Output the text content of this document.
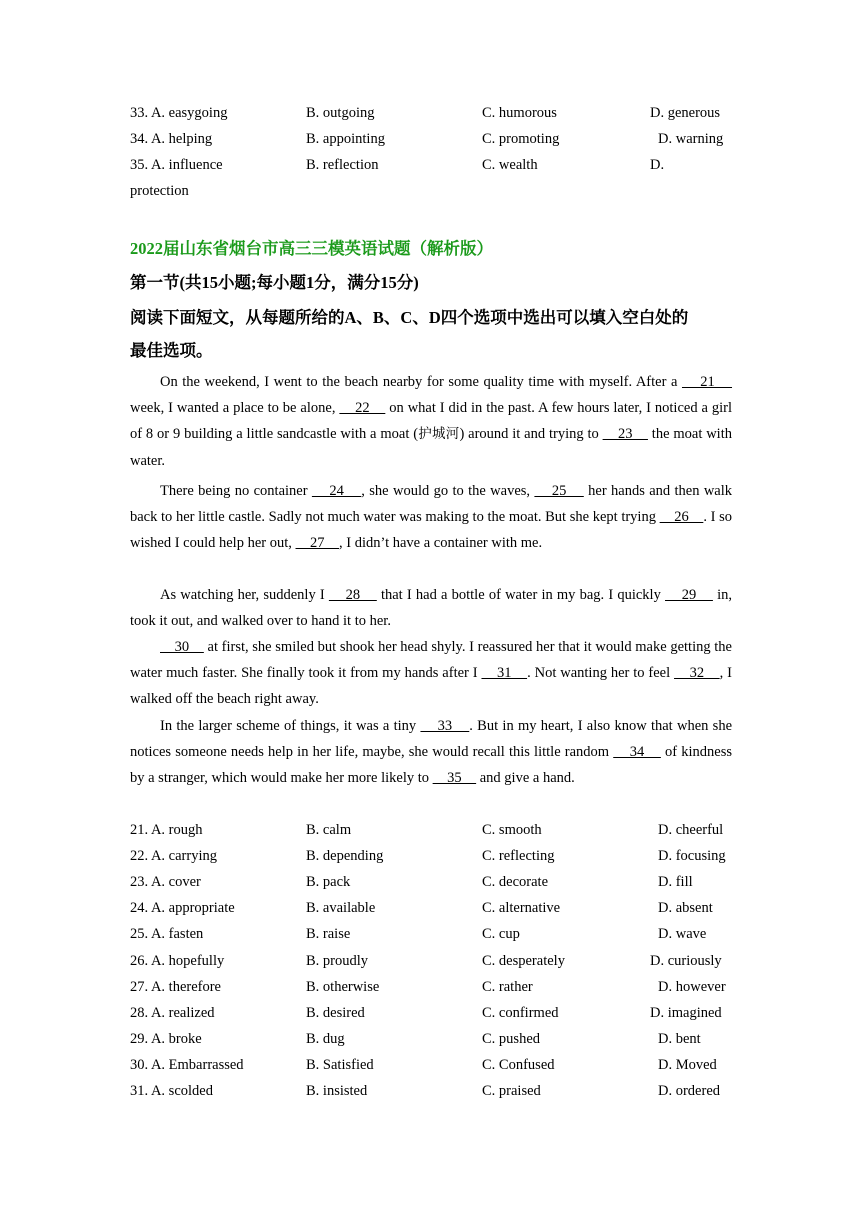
33. A. easygoing	B. outgoing	C. humorous	D. generous
34. A. helping	B. appointing	C. promoting	D. warning
35. A. influence	B. reflection	C. wealth	D.
protection
2022届山东省烟台市高三三模英语试题（解析版）
第一节(共15小题;每小题1分，满分15分)
阅读下面短文，从每题所给的A、B、C、D四个选项中选出可以填入空白处的
最佳选项。
On the weekend, I went to the beach nearby for some quality time with myself. After a     21     week, I wanted a place to be alone,     22     on what I did in the past. A few hours later, I noticed a girl of 8 or 9 building a little sandcastle with a moat (护城河) around it and trying to     23     the moat with water.
There being no container     24    , she would go to the waves,     25     her hands and then walk back to her little castle. Sadly not much water was making to the moat. But she kept trying     26    . I so wished I could help her out,     27    , I didn’t have a container with me.
As watching her, suddenly I     28     that I had a bottle of water in my bag. I quickly     29     in, took it out, and walked over to hand it to her.
30     at first, she smiled but shook her head shyly. I reassured her that it would make getting the water much faster. She finally took it from my hands after I     31    . Not wanting her to feel     32    , I walked off the beach right away.
In the larger scheme of things, it was a tiny     33    . But in my heart, I also know that when she notices someone needs help in her life, maybe, she would recall this little random     34     of kindness by a stranger, which would make her more likely to     35     and give a hand.
21. A. rough	B. calm	C. smooth	D. cheerful
22. A. carrying	B. depending	C. reflecting	D. focusing
23. A. cover	B. pack	C. decorate	D. fill
24. A. appropriate	B. available	C. alternative	D. absent
25. A. fasten	B. raise	C. cup	D. wave
26. A. hopefully	B. proudly	C. desperately	D. curiously
27. A. therefore	B. otherwise	C. rather	D. however
28. A. realized	B. desired	C. confirmed	D. imagined
29. A. broke	B. dug	C. pushed	D. bent
30. A. Embarrassed	B. Satisfied	C. Confused	D. Moved
31. A. scolded	B. insisted	C. praised	D. ordered
